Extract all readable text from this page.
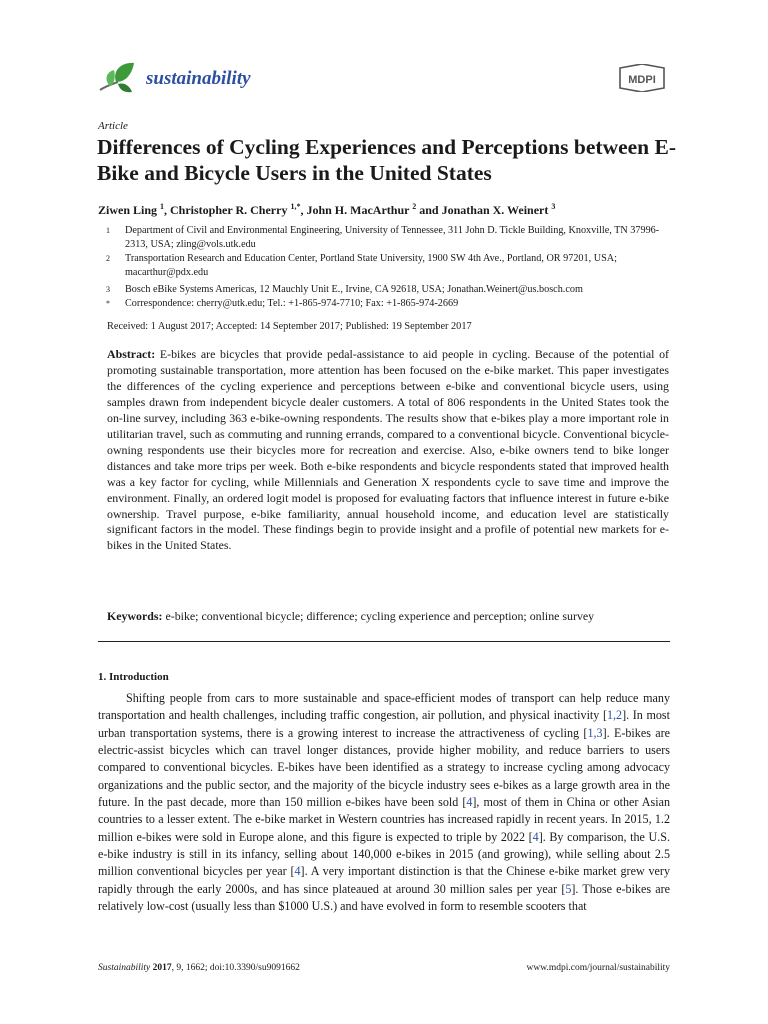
sustainability	MDPI
Article
Differences of Cycling Experiences and Perceptions between E-Bike and Bicycle Users in the United States
Ziwen Ling $^1$, Christopher R. Cherry $^{1,*}$, John H. MacArthur $^2$ and Jonathan X. Weinert $^3$
1 Department of Civil and Environmental Engineering, University of Tennessee, 311 John D. Tickle Building, Knoxville, TN 37996-2313, USA; zling@vols.utk.edu
2 Transportation Research and Education Center, Portland State University, 1900 SW 4th Ave., Portland, OR 97201, USA; macarthur@pdx.edu
3 Bosch eBike Systems Americas, 12 Mauchly Unit E., Irvine, CA 92618, USA; Jonathan.Weinert@us.bosch.com
* Correspondence: cherry@utk.edu; Tel.: +1-865-974-7710; Fax: +1-865-974-2669
Received: 1 August 2017; Accepted: 14 September 2017; Published: 19 September 2017
Abstract: E-bikes are bicycles that provide pedal-assistance to aid people in cycling. Because of the potential of promoting sustainable transportation, more attention has been focused on the e-bike market. This paper investigates the differences of the cycling experience and perceptions between e-bike and conventional bicycle users, using samples drawn from independent bicycle dealer customers. A total of 806 respondents in the United States took the on-line survey, including 363 e-bike-owning respondents. The results show that e-bikes play a more important role in utilitarian travel, such as commuting and running errands, compared to a conventional bicycle. Conventional bicycle-owning respondents use their bicycles more for recreation and exercise. Also, e-bike owners tend to bike longer distances and take more trips per week. Both e-bike respondents and bicycle respondents stated that improved health was a key factor for cycling, while Millennials and Generation X respondents cycle to save time and improve the environment. Finally, an ordered logit model is proposed for evaluating factors that influence interest in future e-bike ownership. Travel purpose, e-bike familiarity, annual household income, and education level are statistically significant factors in the model. These findings begin to provide insight and a profile of potential new markets for e-bikes in the United States.
Keywords: e-bike; conventional bicycle; difference; cycling experience and perception; online survey
1. Introduction

Shifting people from cars to more sustainable and space-efficient modes of transport can help reduce many transportation and health challenges, including traffic congestion, air pollution, and physical inactivity [1,2]. In most urban transportation systems, there is a growing interest to increase the attractiveness of cycling [1,3]. E-bikes are electric-assist bicycles which can travel longer distances, provide higher mobility, and reduce barriers to users compared to conventional bicycles. E-bikes have been identified as a strategy to increase cycling among advocacy organizations and the public sector, and the majority of the bicycle industry sees e-bikes as a large growth area in the future. In the past decade, more than 150 million e-bikes have been sold [4], most of them in China or other Asian countries to a lesser extent. The e-bike market in Western countries has increased rapidly in recent years. In 2015, 1.2 million e-bikes were sold in Europe alone, and this figure is expected to triple by 2022 [4]. By comparison, the U.S. e-bike industry is still in its infancy, selling about 140,000 e-bikes in 2015 (and growing), while selling about 2.5 million conventional bicycles per year [4]. A very important distinction is that the Chinese e-bike market grew very rapidly through the early 2000s, and has since plateaued at around 30 million sales per year [5]. Those e-bikes are relatively low-cost (usually less than $1000 U.S.) and have evolved in form to resemble scooters that

Sustainability 2017, 9, 1662; doi:10.3390/su9091662	www.mdpi.com/journal/sustainability
